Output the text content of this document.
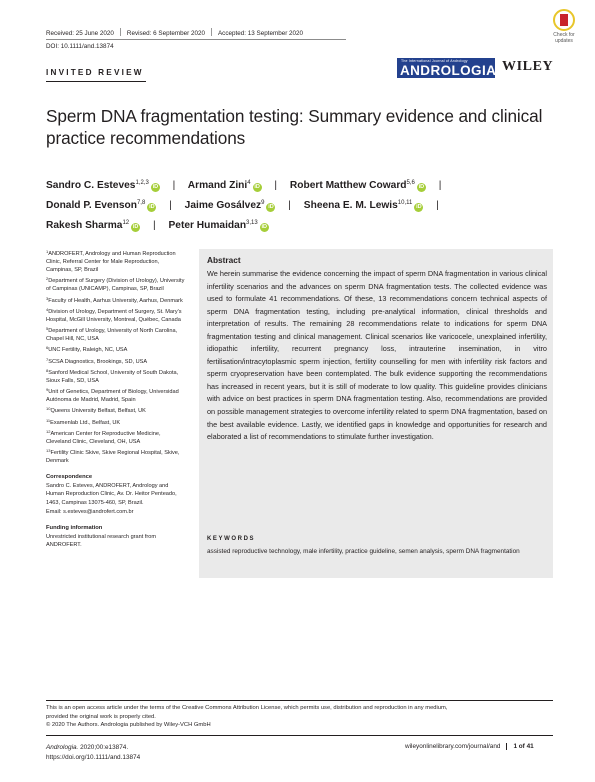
Received: 25 June 2020 Revised: 6 September 2020 Accepted: 13 September 2020
DOI: 10.1111/and.13874
Check for updates
INVITED REVIEW
The International Journal of Andrology
ANDROLOGIA WILEY
Sperm DNA fragmentation testing: Summary evidence and clinical practice recommendations
Sandro C. Esteves$^{1,2,3}$iD | Armand Zini$^4$iD | Robert Matthew Coward$^{5,6}$iD |
Donald P. Evenson$^{7,8}$iD | Jaime Gosálvez$^9$iD | Sheena E. M. Lewis$^{10,11}$iD |
Rakesh Sharma$^{12}$iD | Peter Humaidan$^{3,13}$iD

$^1$ANDROFERT, Andrology and Human Reproduction Clinic, Referral Center for Male Reproduction, Campinas, SP, Brazil

$^2$Department of Surgery (Division of Urology), University of Campinas (UNICAMP), Campinas, SP, Brazil

$^3$Faculty of Health, Aarhus University, Aarhus, Denmark

$^4$Division of Urology, Department of Surgery, St. Mary's Hospital, McGill University, Montreal, Québec, Canada

$^5$Department of Urology, University of North Carolina, Chapel Hill, NC, USA

$^6$UNC Fertility, Raleigh, NC, USA

$^7$SCSA Diagnostics, Brookings, SD, USA

$^8$Sanford Medical School, University of South Dakota, Sioux Falls, SD, USA

$^9$Unit of Genetics, Department of Biology, Universidad Autónoma de Madrid, Madrid, Spain

$^{10}$Queens University Belfast, Belfast, UK

$^{11}$Examenlab Ltd., Belfast, UK

$^{12}$American Center for Reproductive Medicine, Cleveland Clinic, Cleveland, OH, USA

$^{13}$Fertility Clinic Skive, Skive Regional Hospital, Skive, Denmark

Correspondence

Sandro C. Esteves, ANDROFERT, Andrology and Human Reproduction Clinic, Av. Dr. Heitor Penteado, 1463, Campinas 13075-460, SP, Brazil.

Email: s.esteves@androfert.com.br

Funding information

Unrestricted institutional research grant from ANDROFERT.

Abstract
We herein summarise the evidence concerning the impact of sperm DNA fragmentation in various clinical infertility scenarios and the advances on sperm DNA fragmentation tests. The collected evidence was used to formulate 41 recommendations. Of these, 13 recommendations concern technical aspects of sperm DNA fragmentation testing, including pre-analytical information, clinical thresholds and interpretation of results. The remaining 28 recommendations relate to indications for sperm DNA fragmentation testing and clinical management. Clinical scenarios like varicocele, unexplained infertility, idiopathic infertility, recurrent pregnancy loss, intrauterine insemination, in vitro fertilisation/intracytoplasmic sperm injection, fertility counselling for men with infertility risk factors and sperm cryopreservation have been contemplated. The bulk evidence supporting the recommendations has increased in recent years, but it is still of moderate to low quality. This guideline provides clinicians with advice on best practices in sperm DNA fragmentation testing. Also, recommendations are provided on possible management strategies to overcome infertility related to sperm DNA fragmentation, based on the best available evidence. Lastly, we identified gaps in knowledge and opportunities for research and elaborated a list of recommendations to stimulate further investigation.
KEYWORDS
assisted reproductive technology, male infertility, practice guideline, semen analysis, sperm DNA fragmentation
This is an open access article under the terms of the Creative Commons Attribution License, which permits use, distribution and reproduction in any medium,
provided the original work is properly cited.
© 2020 The Authors. Andrologia published by Wiley-VCH GmbH
Andrologia. 2020;00:e13874.
https://doi.org/10.1111/and.13874
wileyonlinelibrary.com/journal/and 1 of 41
